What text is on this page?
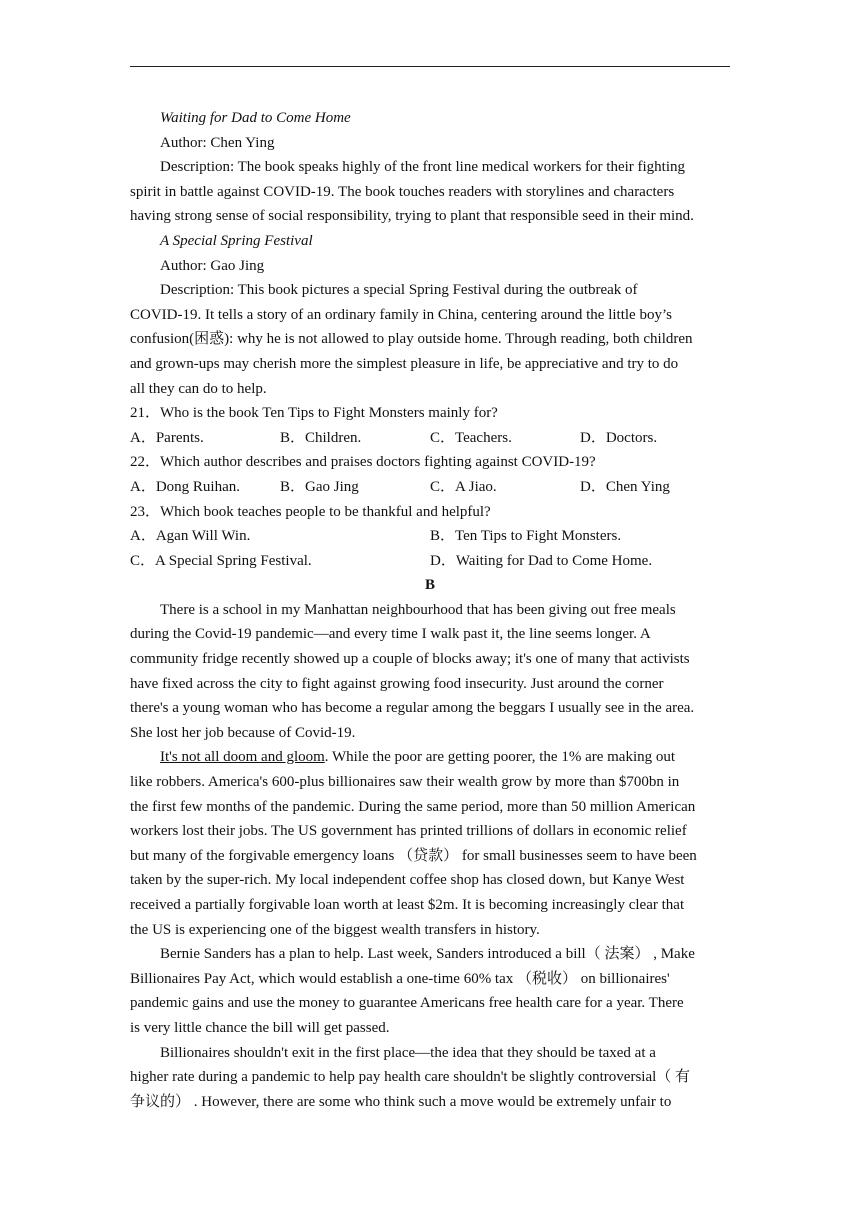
Waiting for Dad to Come Home
Author: Chen Ying
Description: The book speaks highly of the front line medical workers for their fighting
spirit in battle against COVID-19. The book touches readers with storylines and characters
having strong sense of social responsibility, trying to plant that responsible seed in their mind.
A Special Spring Festival
Author: Gao Jing
Description: This book pictures a special Spring Festival during the outbreak of
COVID-19. It tells a story of an ordinary family in China, centering around the little boy’s
confusion(困惑): why he is not allowed to play outside home. Through reading, both children
and grown-ups may cherish more the simplest pleasure in life, be appreciative and try to do
all they can do to help.
21．Who is the book Ten Tips to Fight Monsters mainly for?
A．Parents.	B．Children.	C．Teachers.	D．Doctors.
22．Which author describes and praises doctors fighting against COVID-19?
A．Dong Ruihan.	B．Gao Jing	C．A Jiao.	D．Chen Ying
23．Which book teaches people to be thankful and helpful?
A．Agan Will Win.	B．Ten Tips to Fight Monsters.
C．A Special Spring Festival.	D．Waiting for Dad to Come Home.
B
There is a school in my Manhattan neighbourhood that has been giving out free meals
during the Covid-19 pandemic—and every time I walk past it, the line seems longer. A
community fridge recently showed up a couple of blocks away; it's one of many that activists
have fixed across the city to fight against growing food insecurity. Just around the corner
there's a young woman who has become a regular among the beggars I usually see in the area.
She lost her job because of Covid-19.
It's not all doom and gloom. While the poor are getting poorer, the 1% are making out
like robbers. America's 600-plus billionaires saw their wealth grow by more than $700bn in
the first few months of the pandemic. During the same period, more than 50 million American
workers lost their jobs. The US government has printed trillions of dollars in economic relief
but many of the forgivable emergency loans （贷款） for small businesses seem to have been
taken by the super-rich. My local independent coffee shop has closed down, but Kanye West
received a partially forgivable loan worth at least $2m. It is becoming increasingly clear that
the US is experiencing one of the biggest wealth transfers in history.
Bernie Sanders has a plan to help. Last week, Sanders introduced a bill（ 法案） , Make
Billionaires Pay Act, which would establish a one-time 60% tax （税收） on billionaires'
pandemic gains and use the money to guarantee Americans free health care for a year. There
is very little chance the bill will get passed.
Billionaires shouldn't exit in the first place—the idea that they should be taxed at a
higher rate during a pandemic to help pay health care shouldn't be slightly controversial（ 有
争议的） . However, there are some who think such a move would be extremely unfair to
